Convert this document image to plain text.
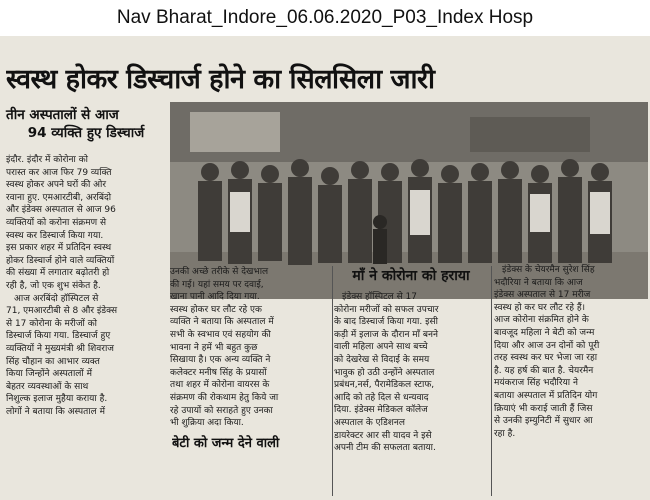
Nav Bharat_Indore_06.06.2020_P03_Index Hosp
स्वस्थ होकर डिस्चार्ज होने का सिलसिला जारी
तीन अस्पतालों से आज
94 व्यक्ति हुए डिस्चार्ज
इंदौर. इंदौर में कोरोना को
परास्त कर आज फिर 79 व्यक्ति
स्वस्थ होकर अपने घरों की ओर
रवाना हुए. एमआरटीबी, अरबिंदो
और इंडेक्स अस्पताल से आज 96
व्यक्तियों को करोना संक्रमण से
स्वस्थ कर डिस्चार्ज किया गया.
इस प्रकार शहर में प्रतिदिन स्वस्थ
होकर डिस्चार्ज होने वाले व्यक्तियों
की संख्या में लगातार बढ़ोतरी हो
रही है, जो एक शुभ संकेत है.
आज अरबिंदो हॉस्पिटल से
71, एमआरटीबी से 8 और इंडेक्स
से 17 कोरोना के मरीजों को
डिस्चार्ज किया गया. डिस्चार्ज हुए
व्यक्तियों ने मुख्यमंत्री श्री शिवराज
सिंह चौहान का आभार व्यक्त
किया जिन्होंने अस्पतालों में
बेहतर व्यवस्थाओं के साथ
निशुल्क इलाज मुहैया कराया है.
लोगों ने बताया कि अस्पताल में
उनकी अच्छे तरीके से देखभाल
की गई। यहां समय पर दवाई,
खाना पानी आदि दिया गया.
स्वस्थ होकर घर लौट रहे एक
व्यक्ति ने बताया कि अस्पताल में
सभी के स्वभाव एवं सहयोग की
भावना ने हमें भी बहुत कुछ
सिखाया है। एक अन्य व्यक्ति ने
कलेक्टर मनीष सिंह के प्रयासों
तथा शहर में कोरोना वायरस के
संक्रमण की रोकथाम हेतु किये जा
रहे उपायों को सराहते हुए उनका
भी शुक्रिया अदा किया.
बेटी को जन्म देने वाली
माँ ने कोरोना को हराया
इंडेक्स हॉस्पिटल से 17
कोरोना मरीजों को सफल उपचार
के बाद डिस्चार्ज किया गया. इसी
कड़ी में इलाज के दौरान माँ बनने
वाली महिला अपने साथ बच्चे
को देखरेख से विदाई के समय
भावुक हो उठी उन्होंने अस्पताल
प्रबंधन,नर्स, पैरामेडिकल स्टाफ,
आदि को तहे दिल से धन्यवाद
दिया. इंडेक्स मेडिकल कॉलेज
अस्पताल के एडिशनल
डायरेक्टर आर सी यादव ने इसे
अपनी टीम की सफलता बताया.
इंडेक्स के चेयरमैन सुरेश सिंह
भदौरिया ने बताया कि आज
इंडेक्स अस्पताल से 17 मरीज
स्वस्थ हो कर घर लौट रहे हैं।
आज कोरोना संक्रमित होने के
बावजूद महिला ने बेटी को जन्म
दिया और आज उन दोनों को पूरी
तरह स्वस्थ कर घर भेजा जा रहा
है. यह हर्ष की बात है. चेयरमैन
मयंकराज सिंह भदौरिया ने
बताया अस्पताल में प्रतिदिन योग
क्रियाएं भी कराई जाती हैं जिस
से उनकी इम्युनिटी में सुधार आ
रहा है.
